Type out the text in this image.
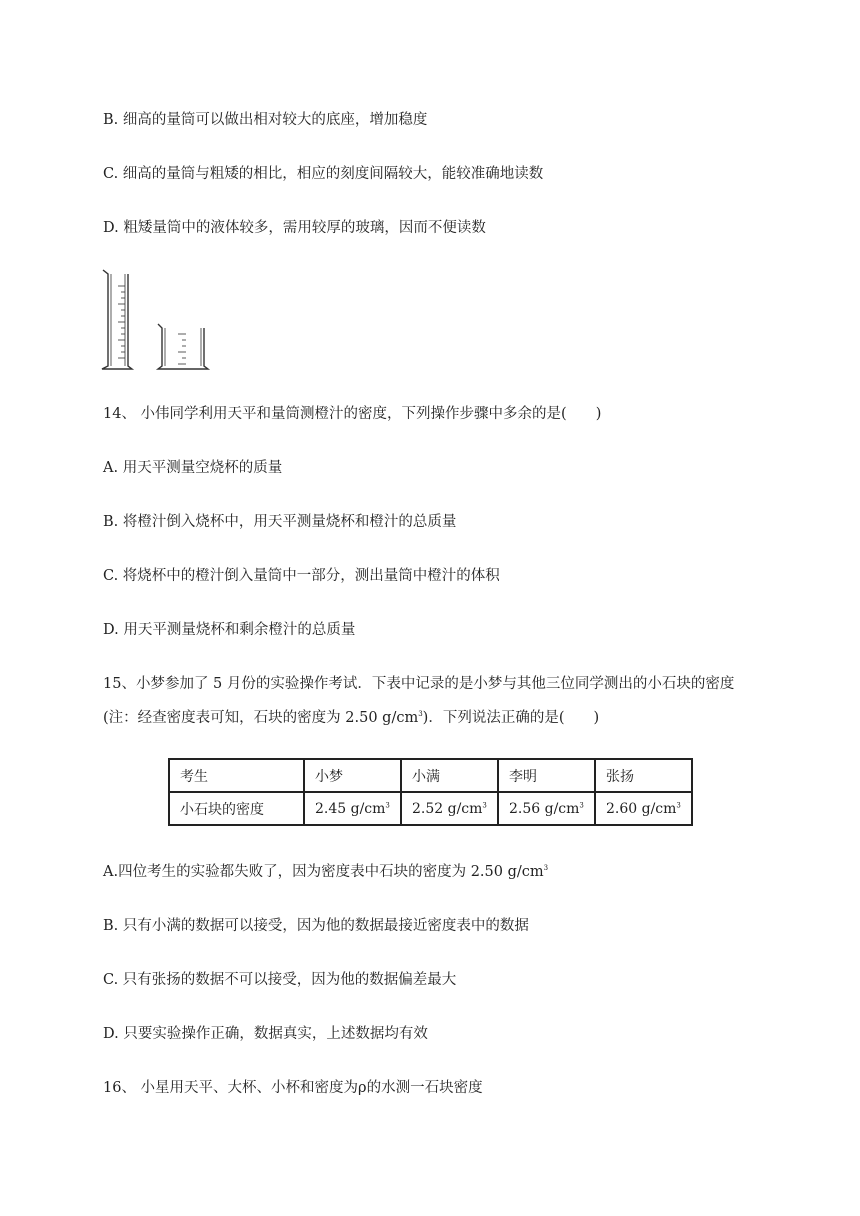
B. 细高的量筒可以做出相对较大的底座，增加稳度
C. 细高的量筒与粗矮的相比，相应的刻度间隔较大，能较准确地读数
D. 粗矮量筒中的液体较多，需用较厚的玻璃，因而不便读数
14、 小伟同学利用天平和量筒测橙汁的密度，下列操作步骤中多余的是(　　)
A. 用天平测量空烧杯的质量
B. 将橙汁倒入烧杯中，用天平测量烧杯和橙汁的总质量
C. 将烧杯中的橙汁倒入量筒中一部分，测出量筒中橙汁的体积
D. 用天平测量烧杯和剩余橙汁的总质量
15、小梦参加了 5 月份的实验操作考试．下表中记录的是小梦与其他三位同学测出的小石块的密度
(注：经查密度表可知，石块的密度为 2.50 $g/cm^3$)．下列说法正确的是(　　)
考生	小梦	小满	李明	张扬
小石块的密度	2.45 $g/cm^3$	2.52 $g/cm^3$	2.56 $g/cm^3$	2.60 $g/cm^3$
A.四位考生的实验都失败了，因为密度表中石块的密度为 2.50 $g/cm^3$
B. 只有小满的数据可以接受，因为他的数据最接近密度表中的数据
C. 只有张扬的数据不可以接受，因为他的数据偏差最大
D. 只要实验操作正确，数据真实，上述数据均有效
16、 小星用天平、大杯、小杯和密度为ρ的水测一石块密度
